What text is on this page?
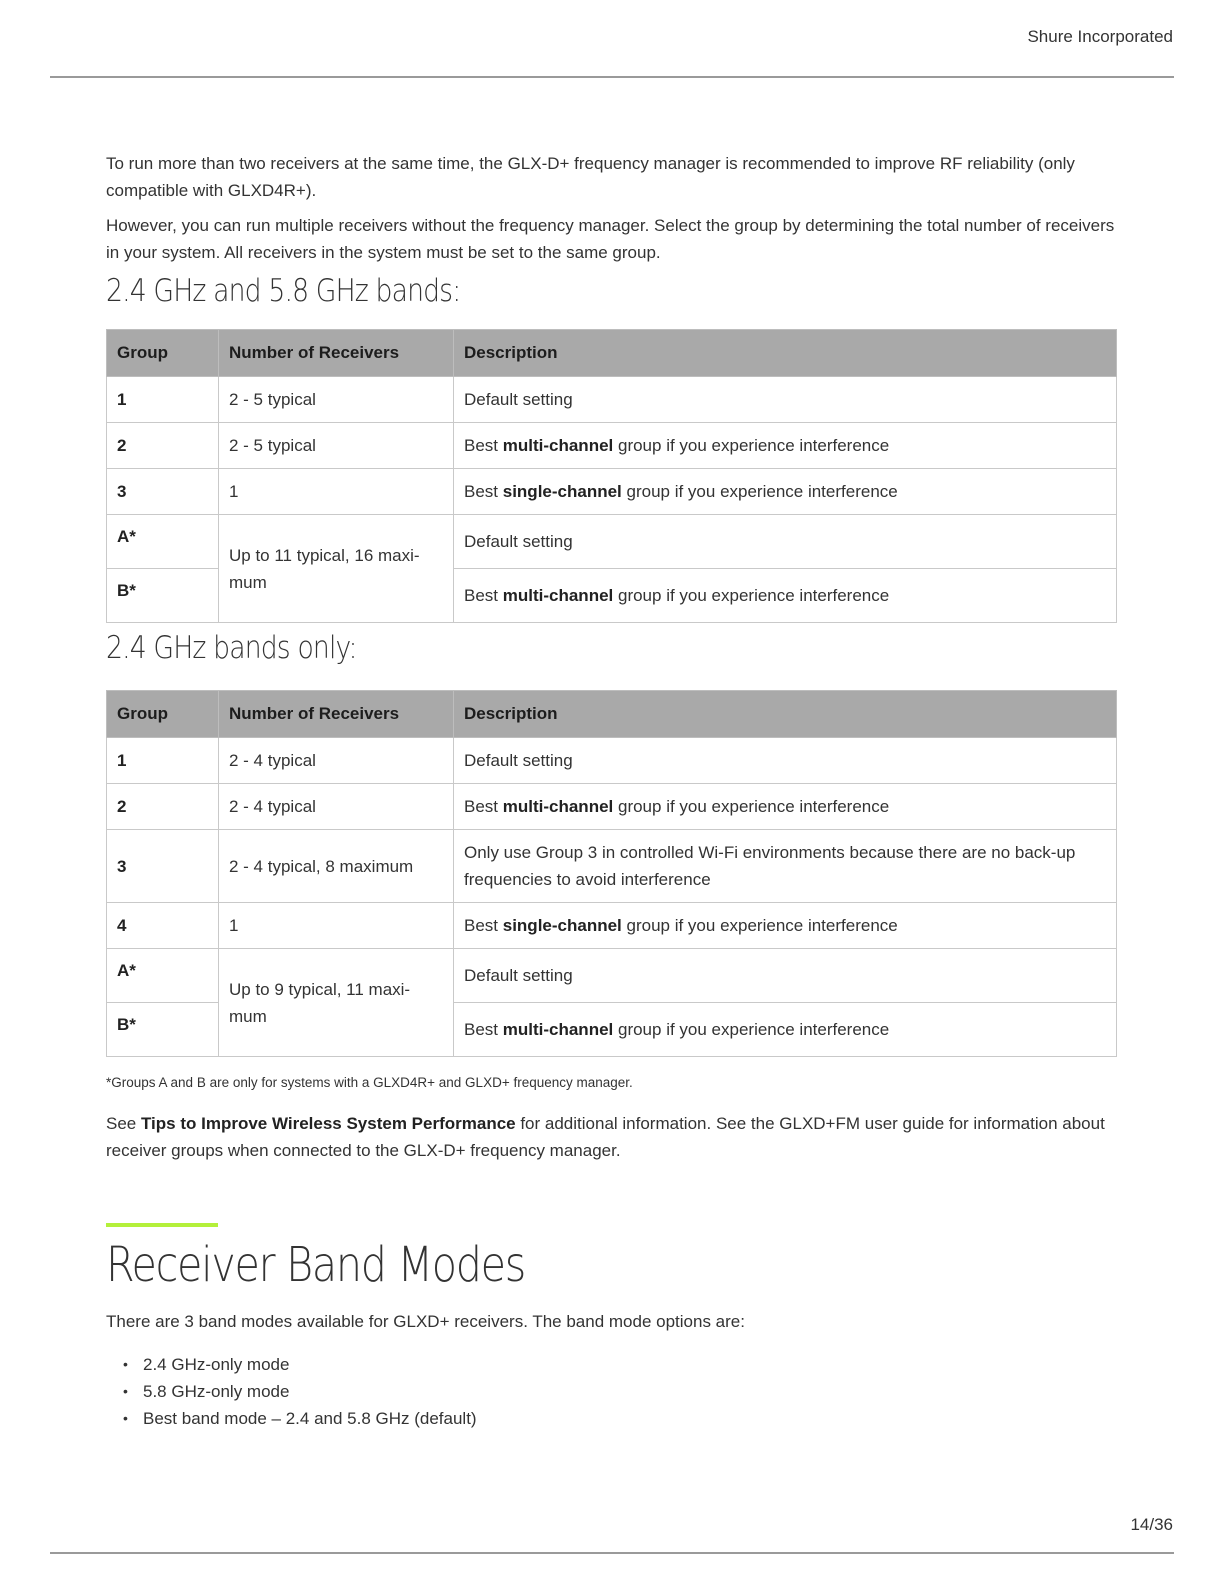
Shure Incorporated

To run more than two receivers at the same time, the GLX-D+ frequency manager is recommended to improve RF reliability (only compatible with GLXD4R+).

However, you can run multiple receivers without the frequency manager. Select the group by determining the total number of receivers in your system. All receivers in the system must be set to the same group.

2.4 GHz and 5.8 GHz bands:
Group	Number of Receivers	Description
1	2 - 5 typical	Default setting
2	2 - 5 typical	Best multi-channel group if you experience interference
3	1	Best single-channel group if you experience interference
A*	Up to 11 typical, 16 maxi-mum	Default setting
B*		Best multi-channel group if you experience interference
2.4 GHz bands only:
Group	Number of Receivers	Description
1	2 - 4 typical	Default setting
2	2 - 4 typical	Best multi-channel group if you experience interference
3	2 - 4 typical, 8 maximum	Only use Group 3 in controlled Wi-Fi environments because there are no back-up frequencies to avoid interference
4	1	Best single-channel group if you experience interference
A*	Up to 9 typical, 11 maxi-mum	Default setting
B*		Best multi-channel group if you experience interference

*Groups A and B are only for systems with a GLXD4R+ and GLXD+ frequency manager.

See Tips to Improve Wireless System Performance for additional information. See the GLXD+FM user guide for information about receiver groups when connected to the GLX-D+ frequency manager.

Receiver Band Modes

There are 3 band modes available for GLXD+ receivers. The band mode options are:

• 2.4 GHz-only mode
• 5.8 GHz-only mode
• Best band mode – 2.4 and 5.8 GHz (default)
14/36
